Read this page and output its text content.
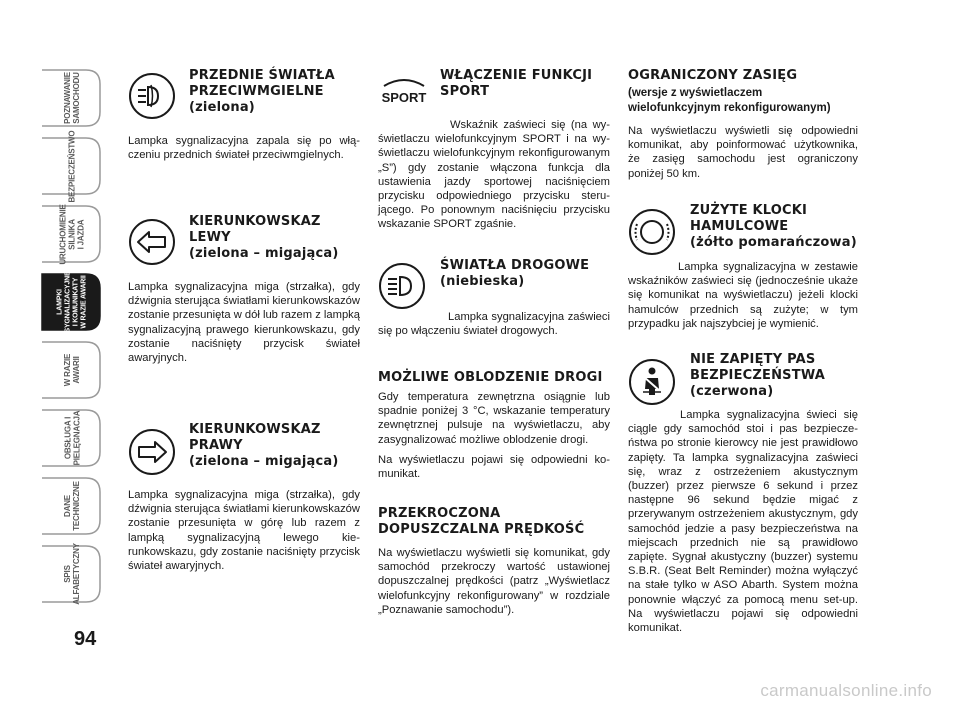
POZNAWANIE
SAMOCHODU
BEZPIECZEŃSTWO
URUCHOMIENIE
SILNIKA
I JAZDA
LAMPKI
SYGNALIZACYJNE
I KOMUNIKATY
W RAZIE AWARII
W RAZIE
AWARII
OBSŁUGA I
PIELĘGNACJA
DANE
TECHNICZNE
SPIS
ALFABETYCZNY
94
PRZEDNIE ŚWIATŁA
PRZECIWMGIELNE
(zielona)
Lampka sygnalizacyjna zapala się po włączeniu przednich świateł przeciwmgielnych.
KIERUNKOWSKAZ
LEWY
(zielona – migająca)
Lampka sygnalizacyjna miga (strzałka), gdy dźwignia sterująca światłami kierunkowskazów zostanie przesunięta w dół lub razem z lampką sygnalizacyjną prawego kierunkowskazu, gdy zostanie naciśnięty przycisk świateł awaryjnych.
KIERUNKOWSKAZ
PRAWY
(zielona – migająca)
Lampka sygnalizacyjna miga (strzałka), gdy dźwignia sterująca światłami kierunkowskazów zostanie przesunięta w górę lub razem z lampką sygnalizacyjną lewego kierunkowskazu, gdy zostanie naciśnięty przycisk świateł awaryjnych.
SPORT
WŁĄCZENIE FUNKCJI
SPORT
Wskaźnik zaświeci się (na wyświetlaczu wielofunkcyjnym SPORT i na wyświetlaczu wielofunkcyjnym rekonfigurowanym „S”) gdy zostanie włączona funkcja dla ustawienia jazdy sportowej naciśnięciem przycisku odpowiedniego przycisku sterującego. Po ponownym naciśnięciu przycisku wskazanie SPORT zgaśnie.
ŚWIATŁA DROGOWE
(niebieska)
Lampka sygnalizacyjna zaświeci się po włączeniu świateł drogowych.
MOŻLIWE OBLODZENIE DROGI

Gdy temperatura zewnętrzna osiągnie lub spadnie poniżej 3 °C, wskazanie temperatury zewnętrznej pulsuje na wyświetlaczu, aby zasygnalizować możliwe oblodzenie drogi.

Na wyświetlaczu pojawi się odpowiedni komunikat.

PRZEKROCZONA
DOPUSZCZALNA PRĘDKOŚĆ
Na wyświetlaczu wyświetli się komunikat, gdy samochód przekroczy wartość ustawionej dopuszczalnej prędkości (patrz „Wyświetlacz wielofunkcyjny rekonfigurowany” w rozdziale „Poznawanie samochodu”).
OGRANICZONY ZASIĘG
(wersje z wyświetlaczem
wielofunkcyjnym rekonfigurowanym)
Na wyświetlaczu wyświetli się odpowiedni komunikat, aby poinformować użytkownika, że zasięg samochodu jest ograniczony poniżej 50 km.
ZUŻYTE KLOCKI
HAMULCOWE
(żółto pomarańczowa)
Lampka sygnalizacyjna w zestawie wskaźników zaświeci się (jednocześnie ukaże się komunikat na wyświetlaczu) jeżeli klocki hamulców przednich są zużyte; w tym przypadku jak najszybciej je wymienić.
NIE ZAPIĘTY PAS
BEZPIECZEŃSTWA
(czerwona)
Lampka sygnalizacyjna świeci się ciągle gdy samochód stoi i pas bezpieczeństwa po stronie kierowcy nie jest prawidłowo zapięty. Ta lampka sygnalizacyjna zaświeci się, wraz z ostrzeżeniem akustycznym (buzzer) przez pierwsze 6 sekund i przez następne 96 sekund będzie migać z przerywanym ostrzeżeniem akustycznym, gdy samochód jedzie a pasy bezpieczeństwa na miejscach przednich nie są prawidłowo zapięte. Sygnał akustyczny (buzzer) systemu S.B.R. (Seat Belt Reminder) można wyłączyć na stałe tylko w ASO Abarth. System można ponownie włączyć za pomocą menu set-up. Na wyświetlaczu pojawi się odpowiedni komunikat.
carmanualsonline.info
